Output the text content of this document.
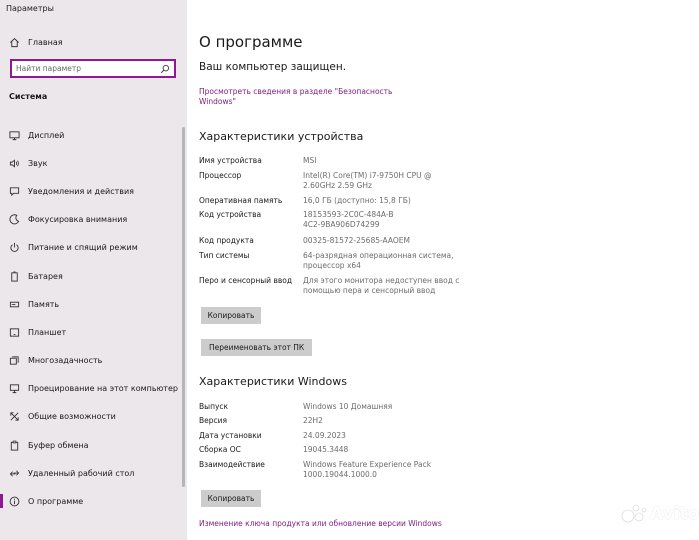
Параметры
Главная
Найти параметр
Система
Дисплей
Звук
Уведомления и действия
Фокусировка внимания
Питание и спящий режим
Батарея
Память
Планшет
Многозадачность
Проецирование на этот компьютер
Общие возможности
Буфер обмена
Удаленный рабочий стол
О программе
О программе
Ваш компьютер защищен.
Просмотреть сведения в разделе "Безопасность Windows"
Характеристики устройства
Имя устройства	MSI
Процессор	Intel(R) Core(TM) i7-9750H CPU @ 2.60GHz 2.59 GHz
Оперативная память	16,0 ГБ (доступно: 15,8 ГБ)
Код устройства	18153593-2C0C-484A-B4C2-9BA906D74299
Код продукта	00325-81572-25685-AAOEM
Тип системы	64-разрядная операционная система, процессор x64
Перо и сенсорный ввод	Для этого монитора недоступен ввод с помощью пера и сенсорный ввод
Копировать
Переименовать этот ПК
Характеристики Windows
Выпуск	Windows 10 Домашняя
Версия	22H2
Дата установки	24.09.2023
Сборка ОС	19045.3448
Взаимодействие	Windows Feature Experience Pack 1000.19044.1000.0
Копировать
Изменение ключа продукта или обновление версии Windows	Avito
